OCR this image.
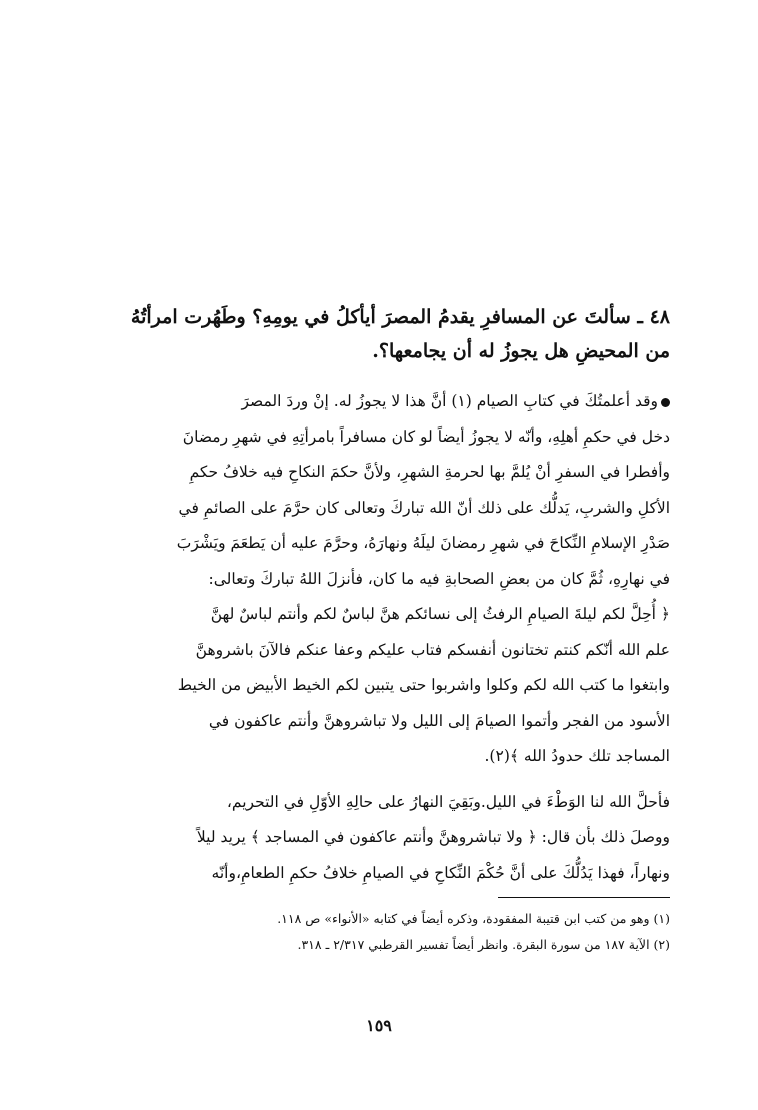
٤٨ ـ سألتَ عن المسافرِ يقدمُ المصرَ أيأكلُ في يومِهِ؟ وطَهُرت امرأتُهُ
من المحيضِ هل يجوزُ له أن يجامعها؟.
وقد أعلمتُكَ في كتابِ الصيام (١) أنَّ هذا لا يجوزُ له. إنْ وردَ المصرَ
دخل في حكمِ أهلِهِ، وأنّه لا يجوزُ أيضاً لو كان مسافراً بامرأتِهِ في شهرِ رمضانَ
وأفطرا في السفرِ أنْ يُلمَّ بها لحرمةِ الشهرِ، ولأنَّ حكمَ النكاحِ فيه خلافُ حكمِ
الأكلِ والشربِ، يَدلُّك على ذلك أنّ الله تباركَ وتعالى كان حرَّمَ على الصائمِ في
صَدْرِ الإسلامِ النِّكاحَ في شهرِ رمضانَ ليلَهُ ونهارَهُ، وحرَّمَ عليه أن يَطعَمَ ويَشْرَبَ
في نهارِهِ، ثُمَّ كان من بعضِ الصحابةِ فيه ما كان، فأنزلَ اللهُ تباركَ وتعالى:
﴿ أُحِلَّ لكم ليلةَ الصيامِ الرفثُ إلى نسائكم هنَّ لباسٌ لكم وأنتم لباسٌ لهنَّ
علم الله أنّكم كنتم تختانون أنفسكم فتاب عليكم وعفا عنكم فالآنَ باشروهنَّ
وابتغوا ما كتب الله لكم وكلوا واشربوا حتى يتبين لكم الخيط الأبيض من الخيط
الأسود من الفجر وأتموا الصيامَ إلى الليل ولا تباشروهنَّ وأنتم عاكفون في
المساجد تلك حدودُ الله ﴾(٢).
فأحلَّ الله لنا الوَطْءَ في الليل.وبَقِيَ النهارُ على حالِهِ الأوّلِ في التحريم،
ووصلَ ذلك بأن قال: ﴿ ولا تباشروهنَّ وأنتم عاكفون في المساجد ﴾ يريد ليلاً
ونهاراً، فهذا يَدُلُّكَ على أنَّ حُكْمَ النِّكاحِ في الصيامِ خلافُ حكمِ الطعامِ،وأنّه
(١) وهو من كتب ابن قتيبة المفقودة، وذكره أيضاً في كتابه «الأنواء» ص ١١٨.
(٢) الآية ١٨٧ من سورة البقرة. وانظر أيضاً تفسير القرطبي ٢/٣١٧ ـ ٣١٨.
١٥٩
